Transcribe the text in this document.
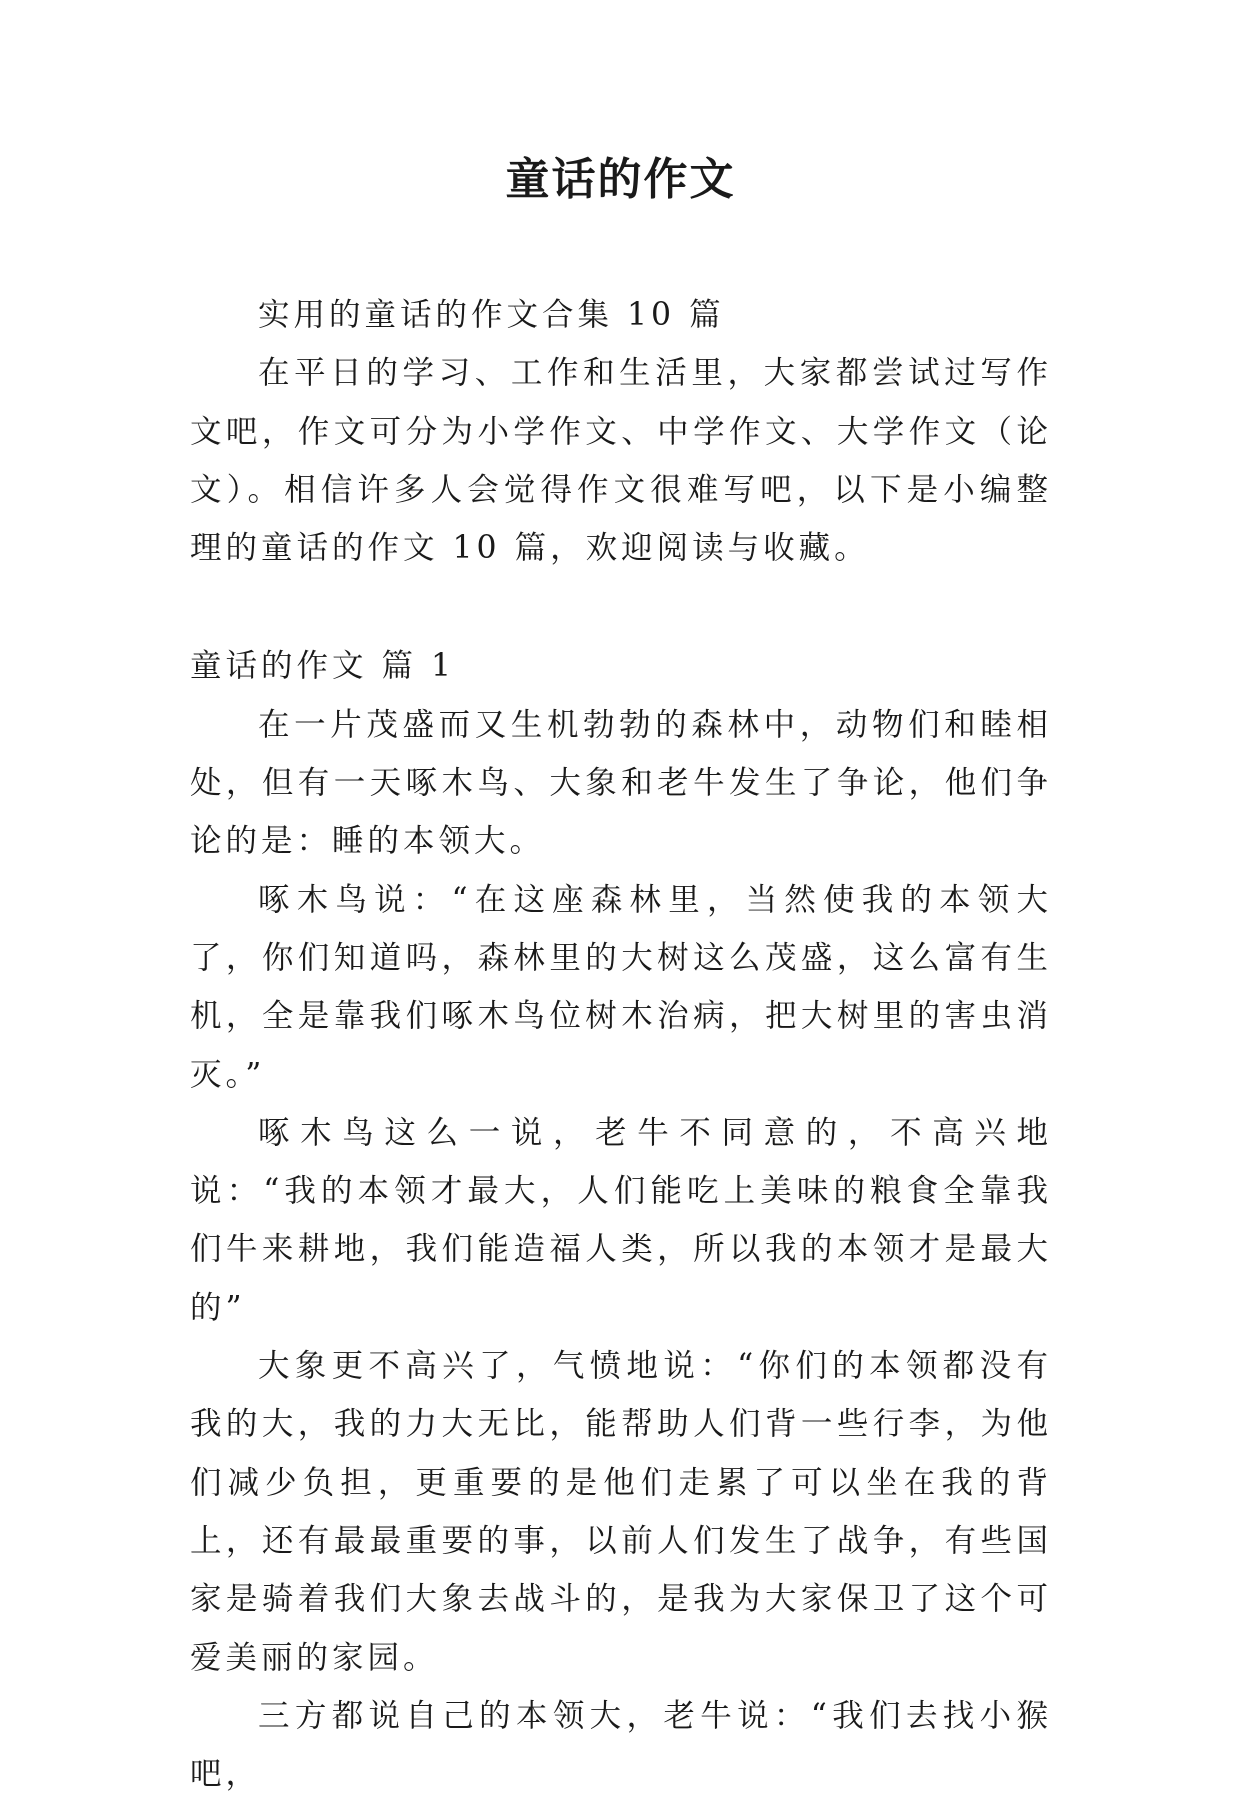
童话的作文

实用的童话的作文合集 10 篇

在平日的学习、工作和生活里，大家都尝试过写作文吧，作文可分为小学作文、中学作文、大学作文（论文）。相信许多人会觉得作文很难写吧，以下是小编整理的童话的作文 10 篇，欢迎阅读与收藏。

童话的作文 篇 1

在一片茂盛而又生机勃勃的森林中，动物们和睦相处，但有一天啄木鸟、大象和老牛发生了争论，他们争论的是：睡的本领大。

啄木鸟说：“在这座森林里，当然使我的本领大了，你们知道吗，森林里的大树这么茂盛，这么富有生机，全是靠我们啄木鸟位树木治病，把大树里的害虫消灭。”

啄木鸟这么一说，老牛不同意的，不高兴地说：“我的本领才最大，人们能吃上美味的粮食全靠我们牛来耕地，我们能造福人类，所以我的本领才是最大的”

大象更不高兴了，气愤地说：“你们的本领都没有我的大，我的力大无比，能帮助人们背一些行李，为他们减少负担，更重要的是他们走累了可以坐在我的背上，还有最最重要的事，以前人们发生了战争，有些国家是骑着我们大象去战斗的，是我为大家保卫了这个可爱美丽的家园。

三方都说自己的本领大，老牛说：“我们去找小猴吧，
